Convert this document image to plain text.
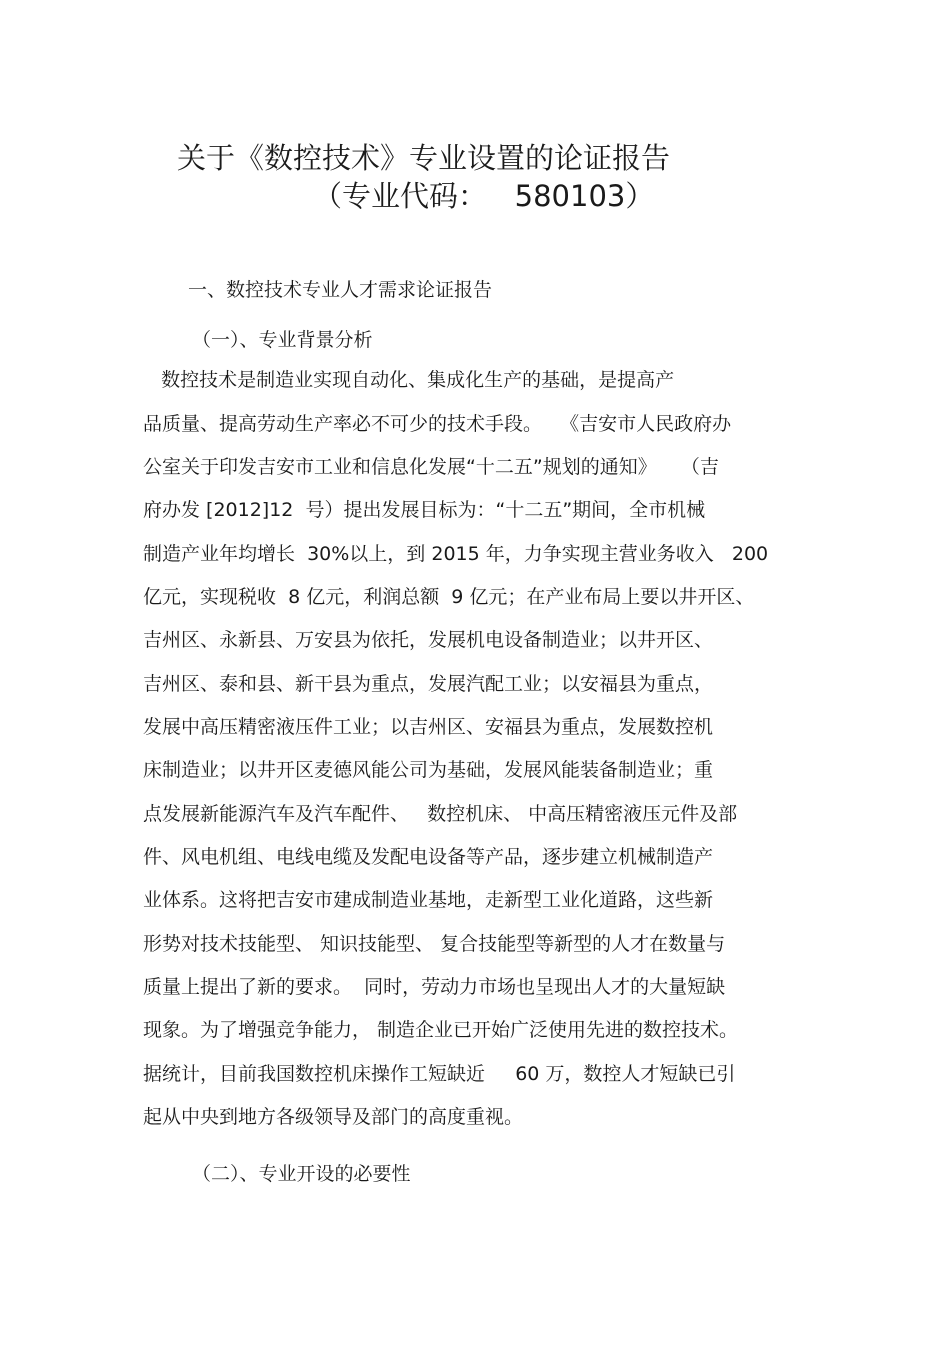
关于《数控技术》专业设置的论证报告
（专业代码：   580103）
一、数控技术专业人才需求论证报告
（一）、专业背景分析
数控技术是制造业实现自动化、集成化生产的基础，是提高产
品质量、提高劳动生产率必不可少的技术手段。   《吉安市人民政府办
公室关于印发吉安市工业和信息化发展“十二五”规划的通知》    （吉
府办发 [2012]12  号）提出发展目标为：“十二五”期间，全市机械
制造产业年均增长  30%以上，到 2015 年，力争实现主营业务收入   200
亿元，实现税收  8 亿元，利润总额  9 亿元；在产业布局上要以井开区、
吉州区、永新县、万安县为依托，发展机电设备制造业；以井开区、
吉州区、泰和县、新干县为重点，发展汽配工业；以安福县为重点，
发展中高压精密液压件工业；以吉州区、安福县为重点，发展数控机
床制造业；以井开区麦德风能公司为基础，发展风能装备制造业；重
点发展新能源汽车及汽车配件、   数控机床、 中高压精密液压元件及部
件、风电机组、电线电缆及发配电设备等产品，逐步建立机械制造产
业体系。这将把吉安市建成制造业基地，走新型工业化道路，这些新
形势对技术技能型、 知识技能型、 复合技能型等新型的人才在数量与
质量上提出了新的要求。  同时，劳动力市场也呈现出人才的大量短缺
现象。为了增强竞争能力， 制造企业已开始广泛使用先进的数控技术。
据统计，目前我国数控机床操作工短缺近     60 万，数控人才短缺已引
起从中央到地方各级领导及部门的高度重视。
（二）、专业开设的必要性
